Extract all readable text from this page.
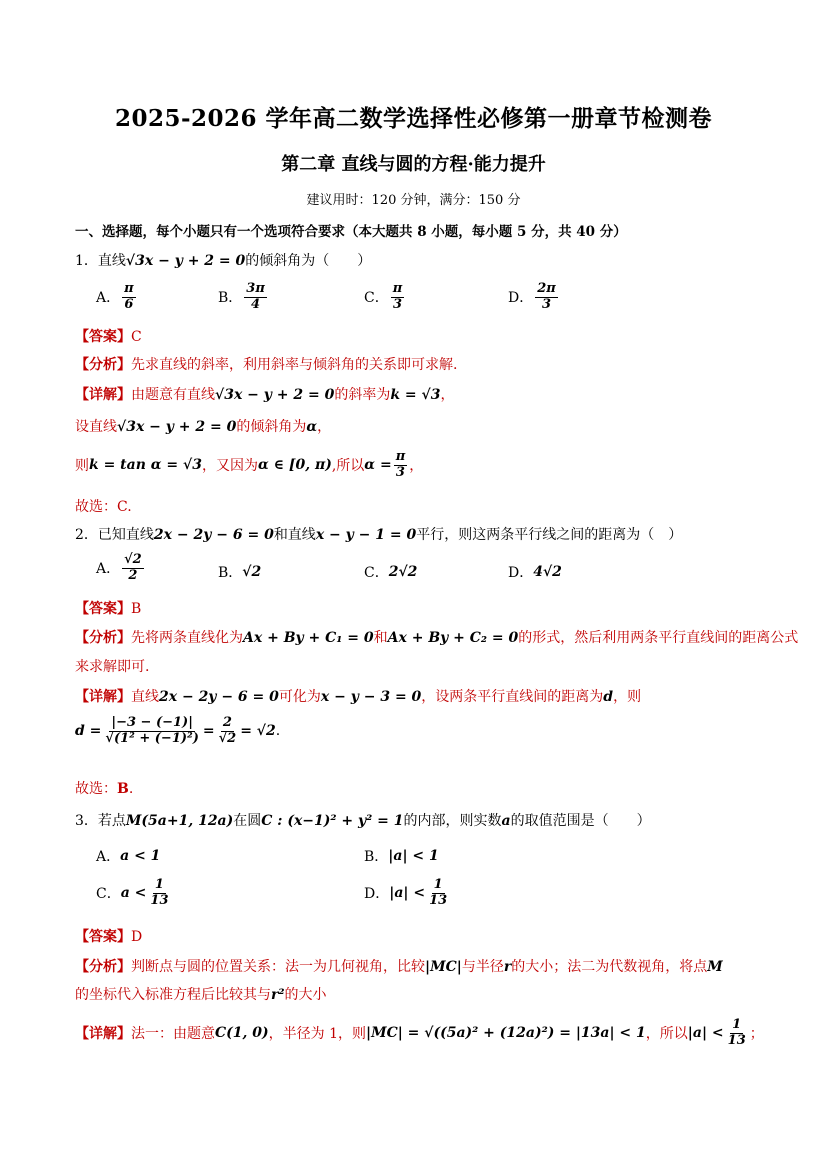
2025-2026 学年高二数学选择性必修第一册章节检测卷
第二章 直线与圆的方程·能力提升
建议用时：120 分钟，满分：150 分
一、选择题，每个小题只有一个选项符合要求（本大题共 8 小题，每小题 5 分，共 40 分）
1．直线√3x − y + 2 = 0的倾斜角为（　　）
A． $\frac{\pi}{6}$	B． $\frac{3\pi}{4}$	C． $\frac{\pi}{3}$	D． $\frac{2\pi}{3}$
【答案】C
【分析】先求直线的斜率，利用斜率与倾斜角的关系即可求解.
【详解】由题意有直线√3x − y + 2 = 0的斜率为k = √3，
设直线√3x − y + 2 = 0的倾斜角为α，
则 k = tan α = √3 ，又因为 α ∈ [0, π) ,所以 $\alpha = \frac{\pi}{3}$ ，
故选：C.
2．已知直线2x − 2y − 6 = 0和直线x − y − 1 = 0平行，则这两条平行线之间的距离为（　）
A． $\frac{√2}{2}$	B． √2	C． 2√2	D． 4√2
【答案】B
【分析】先将两条直线化为Ax + By + C₁ = 0和Ax + By + C₂ = 0的形式，然后利用两条平行直线间的距离公式
来求解即可.
【详解】直线2x − 2y − 6 = 0可化为x − y − 3 = 0，设两条平行直线间的距离为d，则
$d = \frac{|-3 - (-1)|}{\text{√(1² + (−1)²)}} = \frac{2}{√2} = √2$ .
故选：B.
3．若点M(5a+1, 12a)在圆C : (x−1)² + y² = 1的内部，则实数a的取值范围是（　　）
A． a < 1	B． |a| < 1
C． $a < \frac{1}{13}$	D． $|a| < \frac{1}{13}$
【答案】D
【分析】判断点与圆的位置关系：法一为几何视角，比较|MC|与半径r的大小；法二为代数视角，将点M
的坐标代入标准方程后比较其与r²的大小
【详解】 法一：由题意 C(1, 0) ，半径为 1，则 |MC| = √((5a)² + (12a)²) = |13a| < 1 ，所以 $|a| < \frac{1}{13}$ ；
